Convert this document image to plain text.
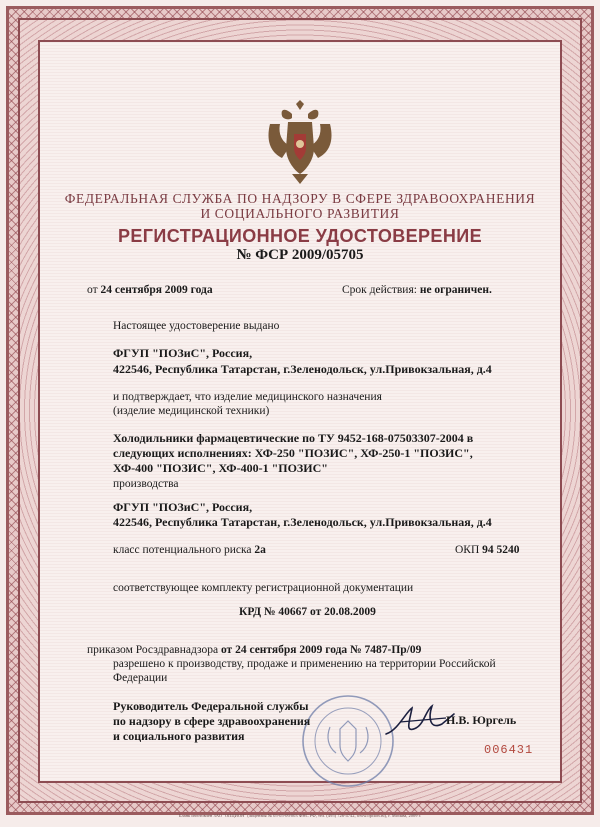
ФЕДЕРАЛЬНАЯ СЛУЖБА ПО НАДЗОРУ В СФЕРЕ ЗДРАВООХРАНЕНИЯ
И СОЦИАЛЬНОГО РАЗВИТИЯ
РЕГИСТРАЦИОННОЕ УДОСТОВЕРЕНИЕ
№ ФСР 2009/05705
от 24 сентября 2009 года	Срок действия: не ограничен.
Настоящее удостоверение выдано
ФГУП "ПОЗиС", Россия,
422546, Республика Татарстан, г.Зеленодольск, ул.Привокзальная, д.4
и подтверждает, что изделие медицинского назначения
(изделие медицинской техники)
Холодильники фармацевтические по ТУ 9452-168-07503307-2004 в
следующих исполнениях: ХФ-250 "ПОЗИС", ХФ-250-1 "ПОЗИС",
ХФ-400 "ПОЗИС", ХФ-400-1 "ПОЗИС"
производства
ФГУП "ПОЗиС", Россия,
422546, Республика Татарстан, г.Зеленодольск, ул.Привокзальная, д.4
класс потенциального риска 2а	ОКП 94 5240
соответствующее комплекту регистрационной документации
КРД № 40667 от 20.08.2009
приказом Росздравнадзора от 24 сентября 2009 года № 7487-Пр/09
разрешено к производству, продаже и применению на территории Российской
Федерации
Руководитель Федеральной службы
по надзору в сфере здравоохранения
и социального развития
Н.В. Юргель
006431
Бланк изготовлен ЗАО "ОПЦИОН" (лицензия № 05-05-09/003 ФНС РФ, тел. (495) 726-4742, www.opcion.ru), г. Москва, 2009 г.
